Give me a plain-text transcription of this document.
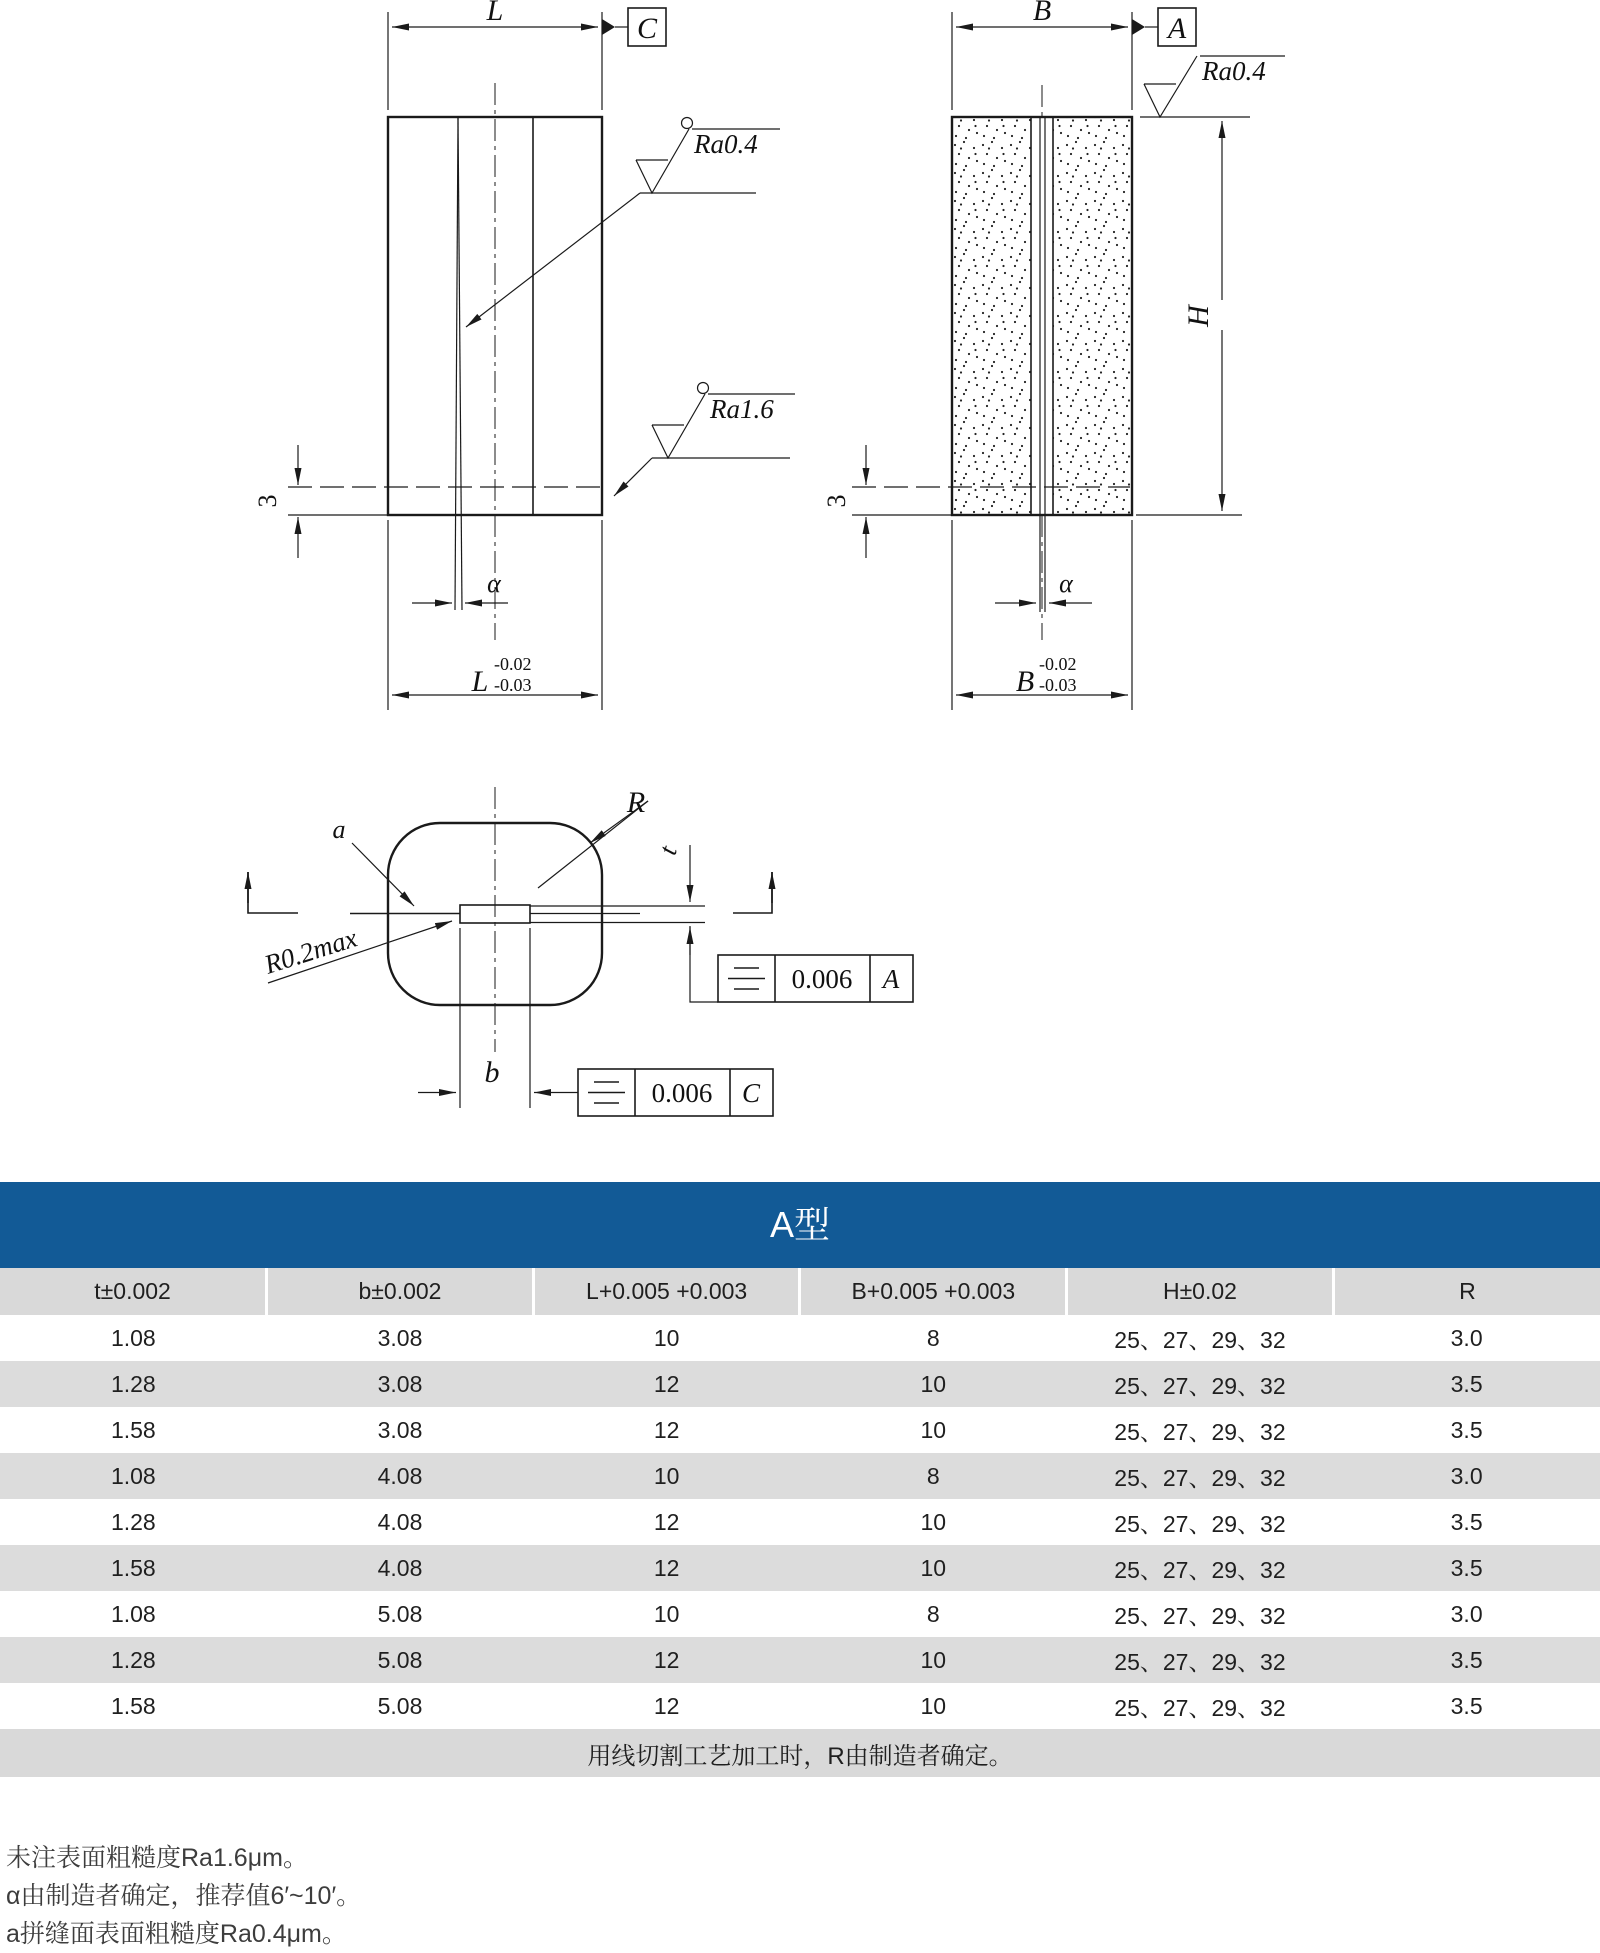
L
C
Ra0.4
Ra1.6
3
α
L
-0.02
-0.03
B
A
Ra0.4
H
3
α
B
-0.02
-0.03
a
R
R0.2max
t
0.006 A
b
0.006 C
A型
t±0.002	b±0.002	L+0.005 +0.003	B+0.005 +0.003	H±0.02	R
1.08	3.08	10	8	25、27、29、32	3.0
1.28	3.08	12	10	25、27、29、32	3.5
1.58	3.08	12	10	25、27、29、32	3.5
1.08	4.08	10	8	25、27、29、32	3.0
1.28	4.08	12	10	25、27、29、32	3.5
1.58	4.08	12	10	25、27、29、32	3.5
1.08	5.08	10	8	25、27、29、32	3.0
1.28	5.08	12	10	25、27、29、32	3.5
1.58	5.08	12	10	25、27、29、32	3.5
用线切割工艺加工时，R由制造者确定。					
未注表面粗糙度Ra1.6μm。
α由制造者确定，推荐值6′~10′。
a拼缝面表面粗糙度Ra0.4μm。
